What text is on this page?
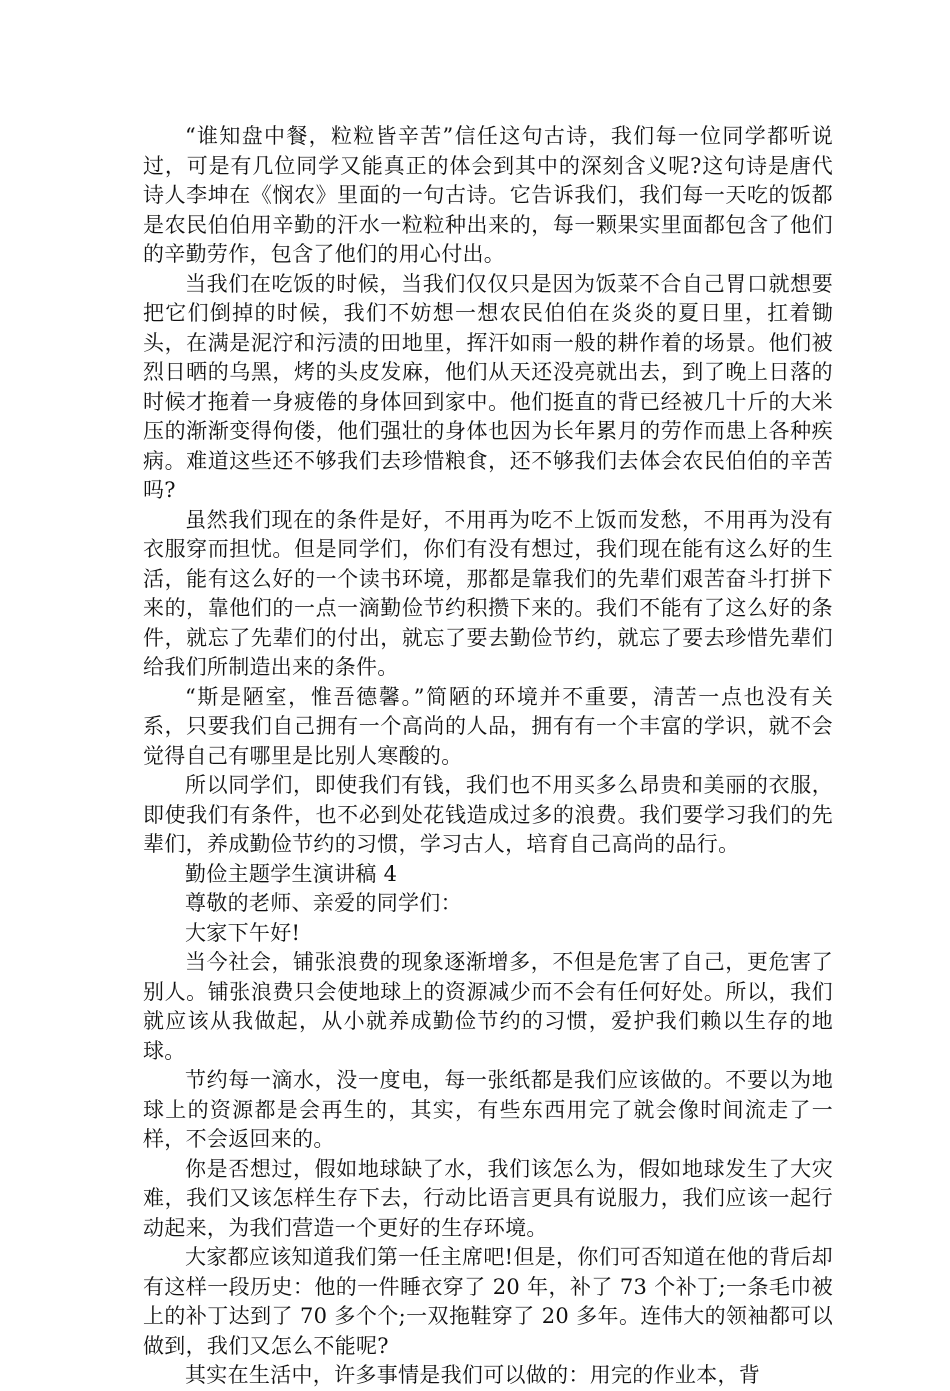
“谁知盘中餐，粒粒皆辛苦”信任这句古诗，我们每一位同学都听说过，可是有几位同学又能真正的体会到其中的深刻含义呢?这句诗是唐代诗人李坤在《悯农》里面的一句古诗。它告诉我们，我们每一天吃的饭都是农民伯伯用辛勤的汗水一粒粒种出来的，每一颗果实里面都包含了他们的辛勤劳作，包含了他们的用心付出。

当我们在吃饭的时候，当我们仅仅只是因为饭菜不合自己胃口就想要把它们倒掉的时候，我们不妨想一想农民伯伯在炎炎的夏日里，扛着锄头，在满是泥泞和污渍的田地里，挥汗如雨一般的耕作着的场景。他们被烈日晒的乌黑，烤的头皮发麻，他们从天还没亮就出去，到了晚上日落的时候才拖着一身疲倦的身体回到家中。他们挺直的背已经被几十斤的大米压的渐渐变得佝偻，他们强壮的身体也因为长年累月的劳作而患上各种疾病。难道这些还不够我们去珍惜粮食，还不够我们去体会农民伯伯的辛苦吗?

虽然我们现在的条件是好，不用再为吃不上饭而发愁，不用再为没有衣服穿而担忧。但是同学们，你们有没有想过，我们现在能有这么好的生活，能有这么好的一个读书环境，那都是靠我们的先辈们艰苦奋斗打拼下来的，靠他们的一点一滴勤俭节约积攒下来的。我们不能有了这么好的条件，就忘了先辈们的付出，就忘了要去勤俭节约，就忘了要去珍惜先辈们给我们所制造出来的条件。

“斯是陋室，惟吾德馨。”简陋的环境并不重要，清苦一点也没有关系，只要我们自己拥有一个高尚的人品，拥有有一个丰富的学识，就不会觉得自己有哪里是比别人寒酸的。

所以同学们，即使我们有钱，我们也不用买多么昂贵和美丽的衣服，即使我们有条件，也不必到处花钱造成过多的浪费。我们要学习我们的先辈们，养成勤俭节约的习惯，学习古人，培育自己高尚的品行。

勤俭主题学生演讲稿 4

尊敬的老师、亲爱的同学们：

大家下午好!

当今社会，铺张浪费的现象逐渐增多，不但是危害了自己，更危害了别人。铺张浪费只会使地球上的资源减少而不会有任何好处。所以，我们就应该从我做起，从小就养成勤俭节约的习惯，爱护我们赖以生存的地球。

节约每一滴水，没一度电，每一张纸都是我们应该做的。不要以为地球上的资源都是会再生的，其实，有些东西用完了就会像时间流走了一样，不会返回来的。

你是否想过，假如地球缺了水，我们该怎么为，假如地球发生了大灾难，我们又该怎样生存下去，行动比语言更具有说服力，我们应该一起行动起来，为我们营造一个更好的生存环境。

大家都应该知道我们第一任主席吧!但是，你们可否知道在他的背后却有这样一段历史：他的一件睡衣穿了 20 年，补了 73 个补丁;一条毛巾被上的补丁达到了 70 多个个;一双拖鞋穿了 20 多年。连伟大的领袖都可以做到，我们又怎么不能呢?

其实在生活中，许多事情是我们可以做的：用完的作业本，背
